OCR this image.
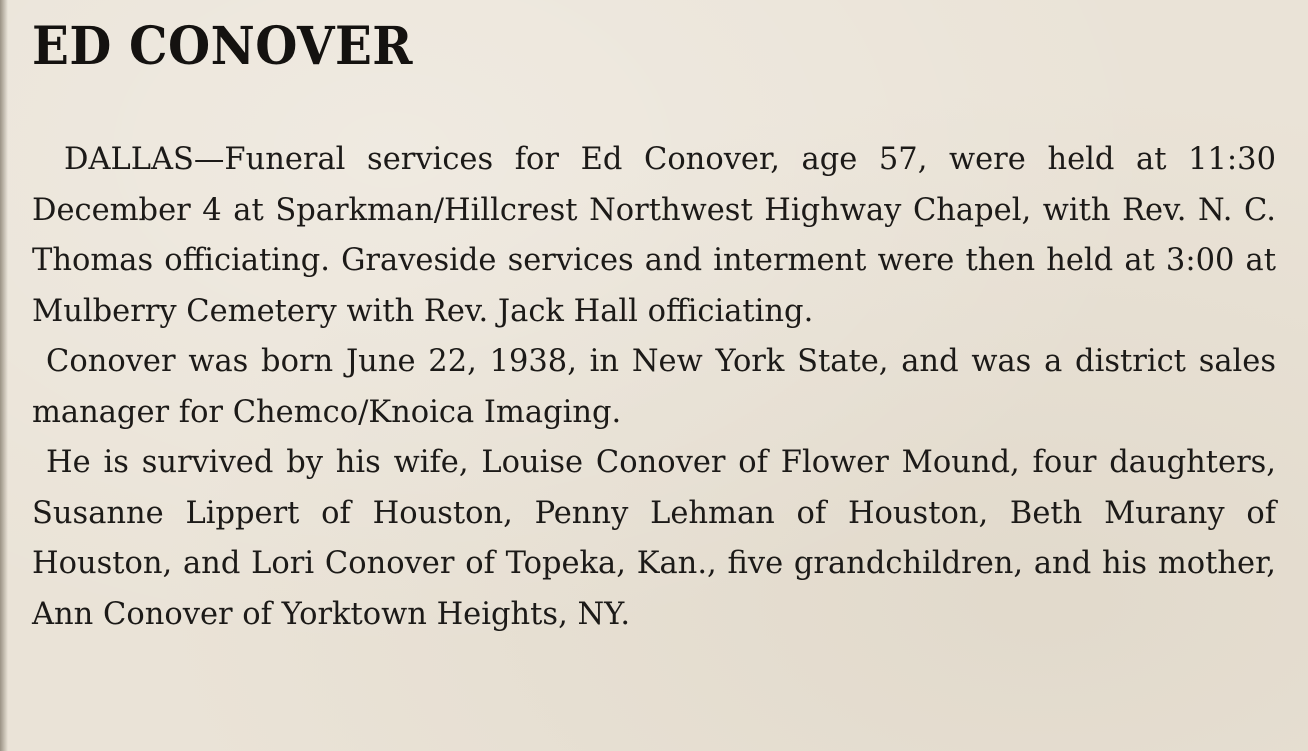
ED CONOVER

DALLAS—Funeral services for Ed Conover, age 57, were held at 11:30 December 4 at Sparkman/Hillcrest Northwest Highway Chapel, with Rev. N. C. Thomas officiating. Graveside services and interment were then held at 3:00 at Mulberry Cemetery with Rev. Jack Hall officiating.

Conover was born June 22, 1938, in New York State, and was a district sales manager for Chemco/Knoica Imaging.

He is survived by his wife, Louise Conover of Flower Mound, four daughters, Susanne Lippert of Houston, Penny Lehman of Houston, Beth Murany of Houston, and Lori Conover of Topeka, Kan., five grandchildren, and his mother, Ann Conover of Yorktown Heights, NY.
